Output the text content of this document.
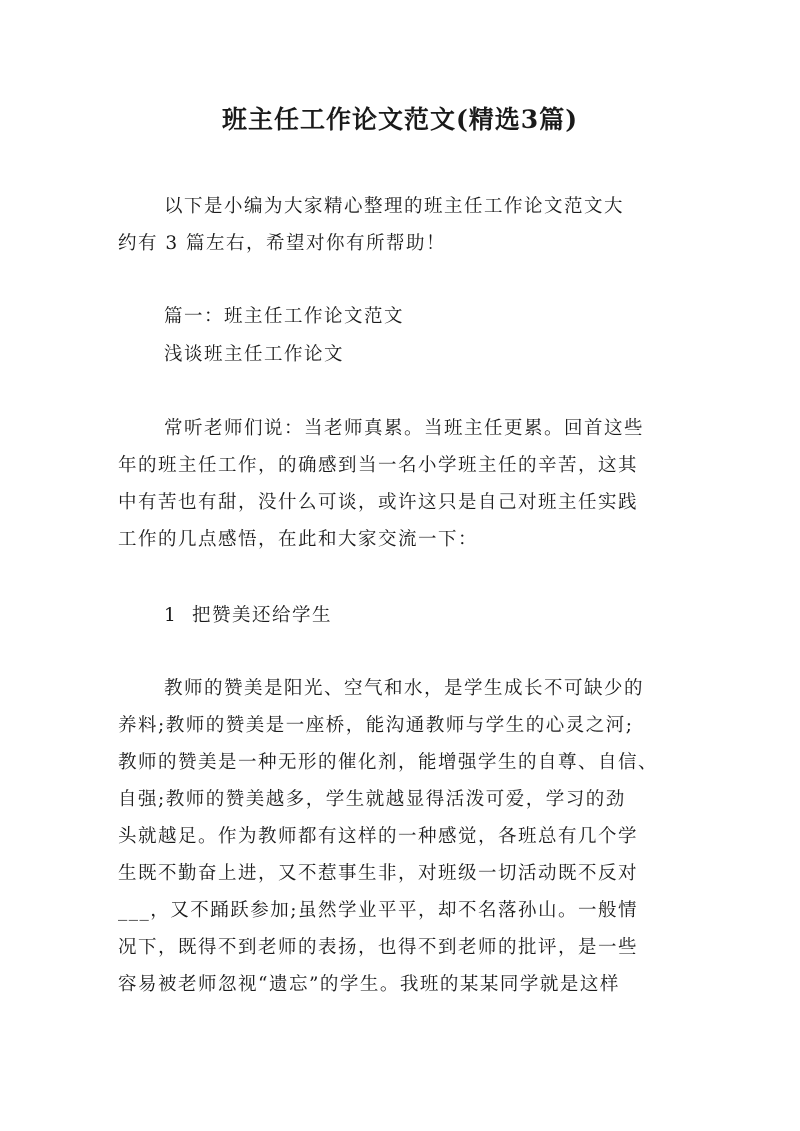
班主任工作论文范文(精选3篇)
以下是小编为大家精心整理的班主任工作论文范文大
约有 3 篇左右，希望对你有所帮助！
篇一：班主任工作论文范文
浅谈班主任工作论文
常听老师们说：当老师真累。当班主任更累。回首这些
年的班主任工作，的确感到当一名小学班主任的辛苦，这其
中有苦也有甜，没什么可谈，或许这只是自己对班主任实践
工作的几点感悟，在此和大家交流一下：
1  把赞美还给学生
教师的赞美是阳光、空气和水，是学生成长不可缺少的
养料;教师的赞美是一座桥，能沟通教师与学生的心灵之河;
教师的赞美是一种无形的催化剂，能增强学生的自尊、自信、
自强;教师的赞美越多，学生就越显得活泼可爱，学习的劲
头就越足。作为教师都有这样的一种感觉，各班总有几个学
生既不勤奋上进，又不惹事生非，对班级一切活动既不反对
___，又不踊跃参加;虽然学业平平，却不名落孙山。一般情
况下，既得不到老师的表扬，也得不到老师的批评，是一些
容易被老师忽视“遗忘”的学生。我班的某某同学就是这样
